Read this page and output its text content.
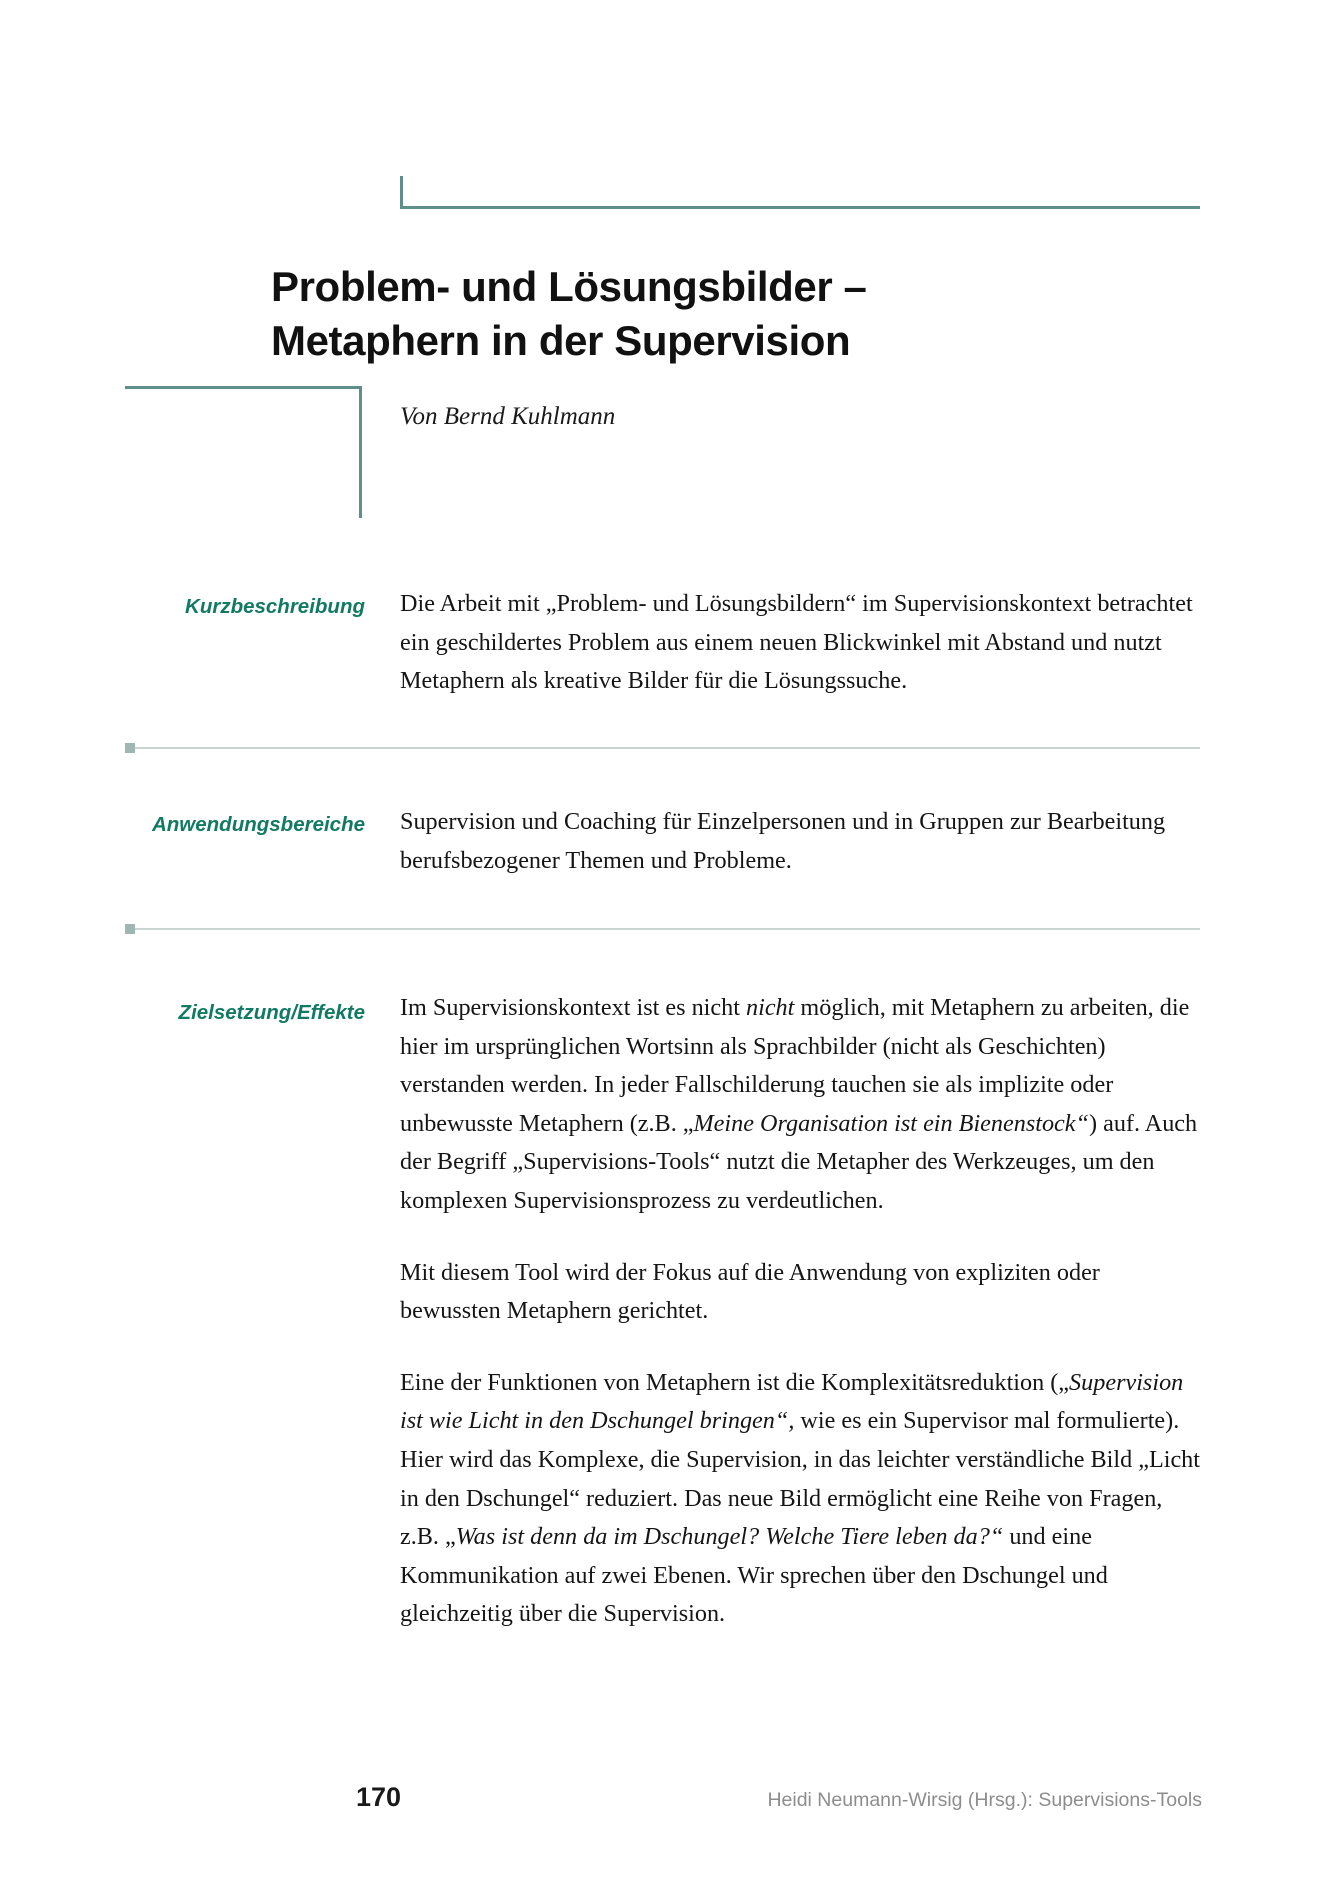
Problem- und Lösungsbilder –
Metaphern in der Supervision
Von Bernd Kuhlmann
Kurzbeschreibung Die Arbeit mit „Problem- und Lösungsbildern“ im Supervisionskontext betrachtet ein geschildertes Problem aus einem neuen Blickwinkel mit Abstand und nutzt Metaphern als kreative Bilder für die Lösungssuche.

Anwendungsbereiche Supervision und Coaching für Einzelpersonen und in Gruppen zur Bearbeitung berufsbezogener Themen und Probleme.

Zielsetzung/Effekte Im Supervisionskontext ist es nicht nicht möglich, mit Metaphern zu arbeiten, die hier im ursprünglichen Wortsinn als Sprachbilder (nicht als Geschichten) verstanden werden. In jeder Fallschilderung tauchen sie als implizite oder unbewusste Metaphern (z.B. „Meine Organisation ist ein Bienenstock“) auf. Auch der Begriff „Supervisions-Tools“ nutzt die Metapher des Werkzeuges, um den komplexen Supervisionsprozess zu verdeutlichen.

Mit diesem Tool wird der Fokus auf die Anwendung von expliziten oder bewussten Metaphern gerichtet.

Eine der Funktionen von Metaphern ist die Komplexitätsreduktion („Supervision ist wie Licht in den Dschungel bringen“, wie es ein Supervisor mal formulierte). Hier wird das Komplexe, die Supervision, in das leichter verständliche Bild „Licht in den Dschungel“ reduziert. Das neue Bild ermöglicht eine Reihe von Fragen, z.B. „Was ist denn da im Dschungel? Welche Tiere leben da?“ und eine Kommunikation auf zwei Ebenen. Wir sprechen über den Dschungel und gleichzeitig über die Supervision.

170	Heidi Neumann-Wirsig (Hrsg.): Supervisions-Tools
